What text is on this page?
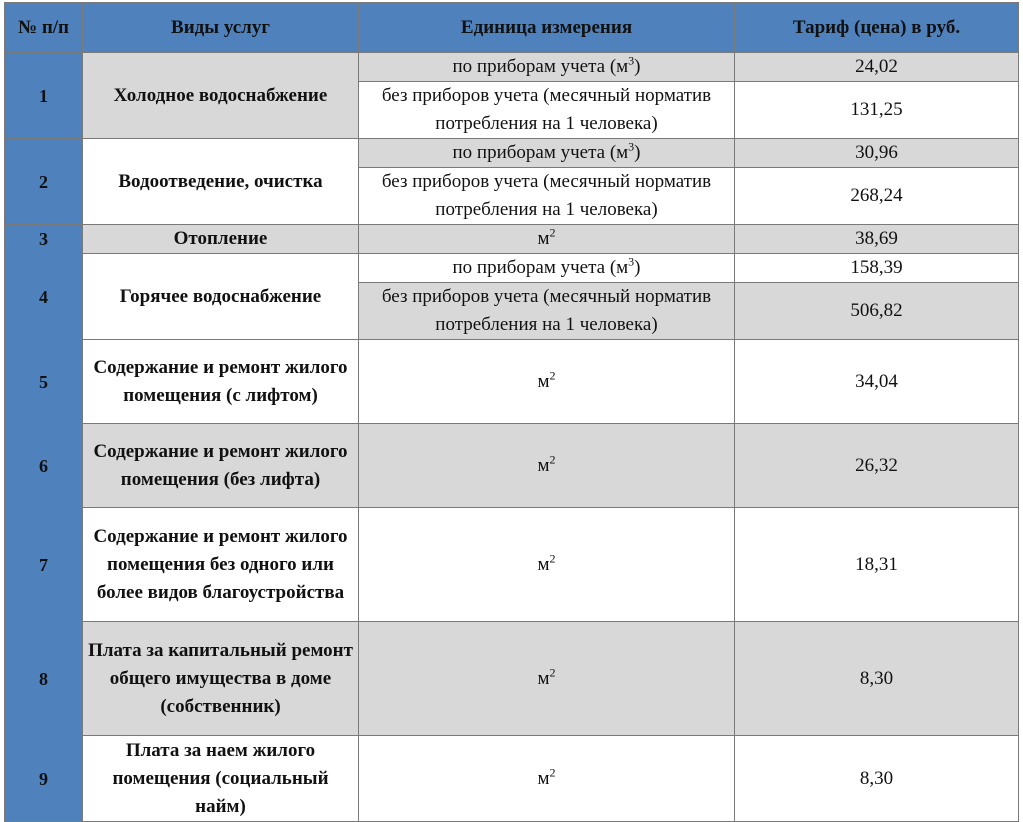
№ п/п	Виды услуг	Единица измерения	Тариф (цена) в руб.
1	Холодное водоснабжение	по приборам учета $(м^3)$	24,02
		без приборов учета (месячный норматив потребления на 1 человека)	131,25
2	Водоотведение, очистка	по приборам учета $(м^3)$	30,96
		без приборов учета (месячный норматив потребления на 1 человека)	268,24
3	Отопление	$м^2$	38,69
4	Горячее водоснабжение	по приборам учета $(м^3)$	158,39
		без приборов учета (месячный норматив потребления на 1 человека)	506,82
5	Содержание и ремонт жилого помещения (с лифтом)	$м^2$	34,04
6	Содержание и ремонт жилого помещения (без лифта)	$м^2$	26,32
7	Содержание и ремонт жилого помещения без одного или более видов благоустройства	$м^2$	18,31
8	Плата за капитальный ремонт общего имущества в доме (собственник)	$м^2$	8,30
9	Плата за наем жилого помещения (социальный найм)	$м^2$	8,30
